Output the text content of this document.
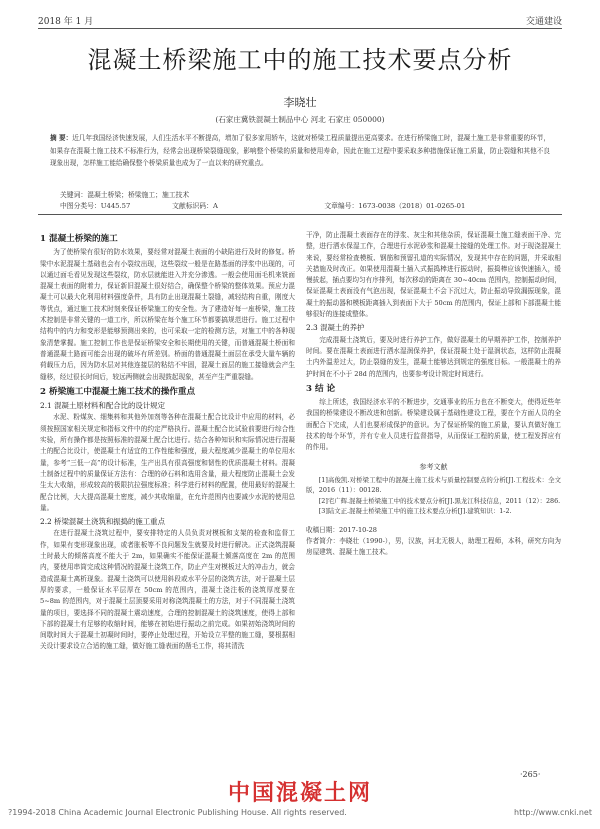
2018 年 1 月	交通建设
混凝土桥梁施工中的施工技术要点分析
李晓壮
(石家庄冀铁混凝土制品中心 河北 石家庄 050000)
摘 要：近几年我国经济快速发展，人们生活水平不断提高，增加了很多家用轿车，这就对桥梁工程质量提出更高要求。在进行桥梁施工时，混凝土施工是非常重要的环节，如果存在混凝土施工技术不标准行为，经常会出现桥梁裂缝现象，影响整个桥梁的质量和使用寿命，因此在施工过程中要采取多种措施保证施工质量，防止裂缝和其他不良现象出现，怎样施工能给确保整个桥梁质量也成为了一直以来的研究重点。
关键词：混凝土桥梁；桥梁施工；施工技术
中图分类号：U445.57	文献标识码：A	文章编号：1673-0038（2018）01-0265-01
1 混凝土桥梁的施工

为了使桥梁有很好的防水效果，要经常对混凝土表面的小缺陷进行及时的修复。桥梁中水泥混凝土基础也会有小裂纹出现，这些裂纹一般是在路基面的浮浆中出现的，可以通过面毛看见发现这些裂纹，防水层就能进入并充分渗透。一般会使用面毛机来铣面混凝土表面的附着力，保证新旧混凝土很好结合，确保整个桥梁的整体效果。预应力混凝土可以最大化利用材料强度条件，具有防止出现混凝土裂缝，减轻结构自重，刚度大等优点，通过施工技术时刻来保证桥梁施工的安全性。为了建造好每一座桥梁，施工技术控制是非常关键的一道工序，所以桥梁在每个施工环节都要搞规范进行。施工过程中结构中的内力和变形是能够预测出来的，也可采取一定的检测方法，对施工中的各种现象清楚掌握。施工控制工作也是保证桥梁安全和长期使用的关键，而普通混凝土桥面和普通混凝土路面可能会出现的破坏有所差别。桥面的普通混凝土面层在承受大量车辆的荷载压力后，因为防水层对其他连接层的粘结不牢固，混凝土面层的施工接缝就会产生缝移，经过很长时间后，较远两侧就会出现鼓起现象，甚至产生严重裂缝。

2 桥梁施工中混凝土施工技术的操作重点
2.1 混凝土原材料和配合比的设计规定

水泥、粉煤灰、细集料和其他外加剂等各种在混凝土配合比设计中应用的材料，必须按照国家相关规定和指标文件中的约定严格执行。混凝土配合比试验前要进行综合性实验，所有操作都是按照标准的混凝土配合比进行。结合各种知识和实际情况进行混凝土的配合比设计，使混凝土有适宜的工作性能和强度，最大程度减少混凝土的单位用水量，参考“三低一高”的设计标准，生产出具有很高强度和韧性的优质混凝土材料。混凝土制备过程中的质量保证方法有：合理的砂石料和选用含量，最大程度防止混凝土会发生太大收缩，形成较高的极限抗拉强度标准；科学进行材料的配置，使用最好的混凝土配合比例，大大提高混凝土密度，减少其收缩量，在允许范围内也要减少水泥的使用总量。

2.2 桥梁混凝土浇筑和振捣的施工重点

在进行混凝土浇筑过程中，要安排特定的人员负责对模板和支架的检查和监督工作，如果有变形现象出现，或者胀板等不良问题发生就要及时进行解决。正式浇筑混凝土时最大的倾落高度不能大于 2m，如果确实不能保证混凝土倾落高度在 2m 的范围内，要使用串筒完成这种情况的混凝土浇筑工作，防止产生对模板过大的冲击力，就会造成混凝土离析现象。混凝土浇筑可以使用斜段或水平分层的浇筑方法，对于混凝土层厚的要求，一般保证水平层厚在 50cm 的范围内，混凝土浇注板的浇筑厚度要在 5~8m 的范围内，对于混凝土层顶要采用对称浇筑混凝土的方法，对于不同混凝土浇筑量的项目，要选择不同的混凝土震动速度，合理的控制混凝土的浇筑速度，使得上部和下部的混凝土有足够的收缩时间，能够在初始进行振动之前完成。如果初始浇筑时间的间歇时间大于混凝土初凝时间时，要停止处理过程，开始设立平整的施工缝，要根据相关设计要求设立合适的施工缝，做好施工缝表面的凿毛工作，将其清洗

干净，防止混凝土表面存在的浮浆、灰尘和其他杂质，保证混凝土施工缝表面干净、完整，进行洒水保湿工作，合理进行水泥砂浆和混凝土接缝的处理工作。对于现浇混凝土来说，要经常检查模板、钢筋和预留孔道的实际情况，发现其中存在的问题，并采取相关措施及时改正。如果使用混凝土插入式振捣棒进行振动时，振捣棒应该快速插入，缓慢拔起，插点要均匀有序排列，每次移动的距离在 30~40cm 范围内，控制振动时间，保证混凝土表面没有气泡出现，保证混凝土不会下沉过大，防止振动导致漏振现象，混凝土的振动器和模板距离插入到表面下大于 50cm 的范围内，保证上部和下部混凝土能够很好的连接成整体。

2.3 混凝土的养护

完成混凝土浇筑后，要及时进行养护工作，做好混凝土的早期养护工作，控制养护时间。要在混凝土表面进行洒水湿润保养护，保证混凝土处于湿润状态，这样防止混凝土内外温差过大，防止裂缝的发生，混凝土能够达到规定的强度目标。一般混凝土的养护时间在不小于 28d 的范围内，也要参考设计规定时间进行。

3 结 论

综上所述，我国经济水平的不断进步，交通事业的压力也在不断变大，使得近些年我国的桥梁建设不断改进和创新。桥梁建设属于基础性建设工程，要在个方面人员的全面配合下完成，人们也要形成保护的意识。为了保证桥梁的施工质量，要认真做好施工技术的每个环节，并有专业人员进行监督指导，从而保证工程的质量，使工程发挥应有的作用。

参考文献

[1]高俊凯.对桥梁工程中的混凝土施工技术与质量控制要点的分析[J].工程技术：全文版，2016（11）：00128.

[2]宅广辉.混凝土桥梁施工中的技术要点分析[J].黑龙江科技信息，2011（12）：286.

[3]陆文正.混凝土桥梁施工中的施工技术要点分析[J].建筑知识：1-2.

收稿日期：2017-10-28
作者简介：李晓壮（1990-），男，汉族，河北无极人，助理工程师，本科，研究方向为房屋建筑、混凝土施工技术。
·265·
中国混凝土网
?1994-2018 China Academic Journal Electronic Publishing House. All rights reserved.	http://www.cnki.net
